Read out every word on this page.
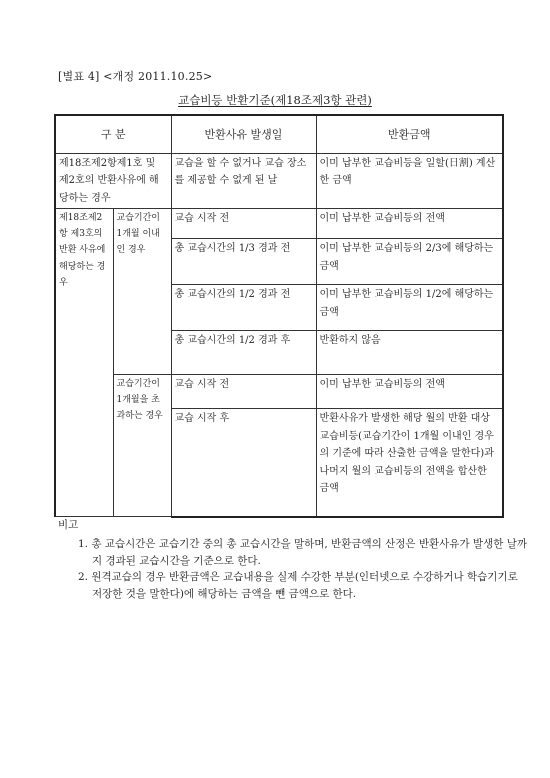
[별표 4] <개정 2011.10.25>
교습비등 반환기준(제18조제3항 관련)
구 분		반환사유 발생일	반환금액
제18조제2항제1호 및 제2호의 반환사유에 해당하는 경우		교습을 할 수 없거나 교습 장소를 제공할 수 없게 된 날	이미 납부한 교습비등을 일할(日割) 계산한 금액
제18조제2항 제3호의 반환 사유에 해당하는 경우	교습기간이 1개월 이내인 경우	교습 시작 전	이미 납부한 교습비등의 전액
		총 교습시간의 1/3 경과 전	이미 납부한 교습비등의 2/3에 해당하는 금액
		총 교습시간의 1/2 경과 전	이미 납부한 교습비등의 1/2에 해당하는 금액
		총 교습시간의 1/2 경과 후	반환하지 않음
	교습기간이 1개월을 초과하는 경우	교습 시작 전	이미 납부한 교습비등의 전액
		교습 시작 후	반환사유가 발생한 해당 월의 반환 대상 교습비등(교습기간이 1개월 이내인 경우의 기준에 따라 산출한 금액을 말한다)과 나머지 월의 교습비등의 전액을 합산한 금액
비고
1. 총 교습시간은 교습기간 중의 총 교습시간을 말하며, 반환금액의 산정은 반환사유가 발생한 날까지 경과된 교습시간을 기준으로 한다.
2. 원격교습의 경우 반환금액은 교습내용을 실제 수강한 부분(인터넷으로 수강하거나 학습기기로 저장한 것을 말한다)에 해당하는 금액을 뺀 금액으로 한다.
